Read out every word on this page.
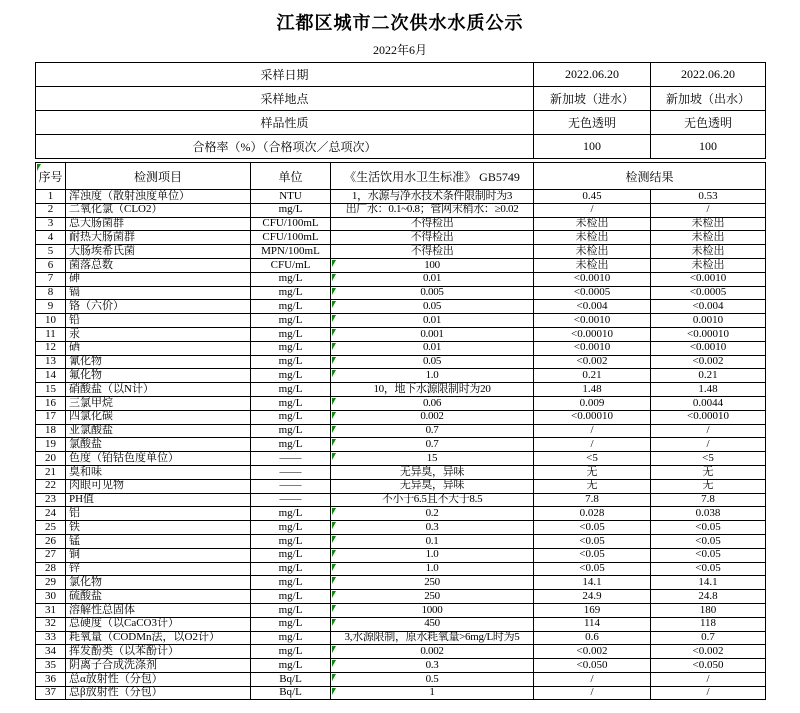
江都区城市二次供水水质公示
2022年6月
采样日期	2022.06.20	2022.06.20
采样地点	新加坡（进水）	新加坡（出水）
样品性质	无色透明	无色透明
合格率（%）（合格项次／总项次）	100	100
序号	检测项目	单位	《生活饮用水卫生标准》 GB5749	检测结果	
1	浑浊度（散射浊度单位）	NTU	1，水源与净水技术条件限制时为3	0.45	0.53
2	二氧化氯（CLO2）	mg/L	出厂水：0.1~0.8；管网末梢水：≥0.02	/	/
3	总大肠菌群	CFU/100mL	不得检出	未检出	未检出
4	耐热大肠菌群	CFU/100mL	不得检出	未检出	未检出
5	大肠埃希氏菌	MPN/100mL	不得检出	未检出	未检出
6	菌落总数	CFU/mL	100	未检出	未检出
7	砷	mg/L	0.01	<0.0010	<0.0010
8	镉	mg/L	0.005	<0.0005	<0.0005
9	铬（六价）	mg/L	0.05	<0.004	<0.004
10	铅	mg/L	0.01	<0.0010	0.0010
11	汞	mg/L	0.001	<0.00010	<0.00010
12	硒	mg/L	0.01	<0.0010	<0.0010
13	氰化物	mg/L	0.05	<0.002	<0.002
14	氟化物	mg/L	1.0	0.21	0.21
15	硝酸盐（以N计）	mg/L	10，地下水源限制时为20	1.48	1.48
16	三氯甲烷	mg/L	0.06	0.009	0.0044
17	四氯化碳	mg/L	0.002	<0.00010	<0.00010
18	亚氯酸盐	mg/L	0.7	/	/
19	氯酸盐	mg/L	0.7	/	/
20	色度（铂钴色度单位）	——	15	<5	<5
21	臭和味	——	无异臭，异味	无	无
22	肉眼可见物	——	无异臭，异味	无	无
23	PH值	——	不小于6.5且不大于8.5	7.8	7.8
24	铝	mg/L	0.2	0.028	0.038
25	铁	mg/L	0.3	<0.05	<0.05
26	锰	mg/L	0.1	<0.05	<0.05
27	铜	mg/L	1.0	<0.05	<0.05
28	锌	mg/L	1.0	<0.05	<0.05
29	氯化物	mg/L	250	14.1	14.1
30	硫酸盐	mg/L	250	24.9	24.8
31	溶解性总固体	mg/L	1000	169	180
32	总硬度（以CaCO3计）	mg/L	450	114	118
33	耗氧量（CODMn法，以O2计）	mg/L	3,水源限制，原水耗氧量>6mg/L时为5	0.6	0.7
34	挥发酚类（以苯酚计）	mg/L	0.002	<0.002	<0.002
35	阴离子合成洗涤剂	mg/L	0.3	<0.050	<0.050
36	总α放射性（分包）	Bq/L	0.5	/	/
37	总β放射性（分包）	Bq/L	1	/	/
